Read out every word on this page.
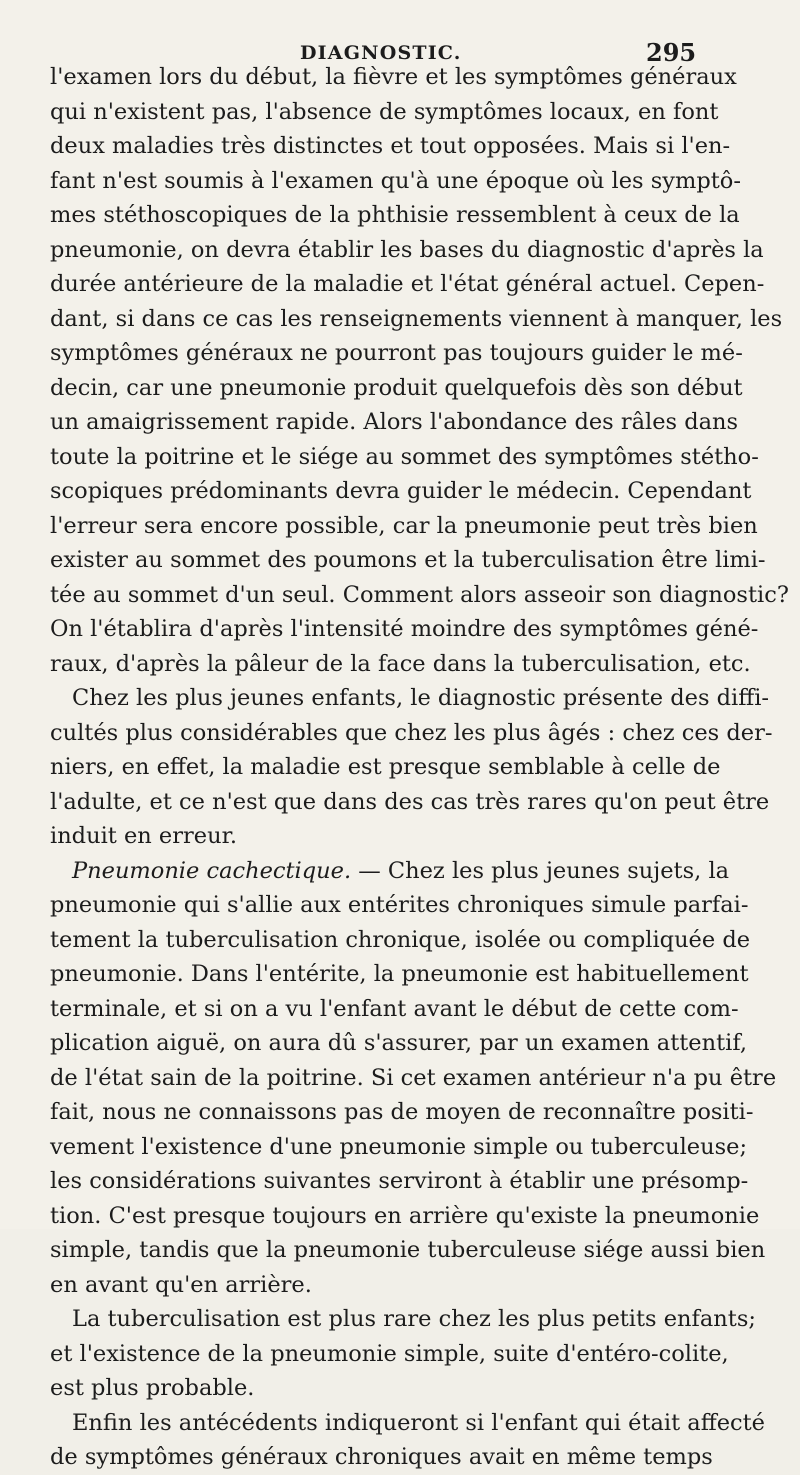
DIAGNOSTIC.	295
l'examen lors du début, la fièvre et les symptômes généraux
qui n'existent pas, l'absence de symptômes locaux, en font
deux maladies très distinctes et tout opposées. Mais si l'en-
fant n'est soumis à l'examen qu'à une époque où les symptô-
mes stéthoscopiques de la phthisie ressemblent à ceux de la
pneumonie, on devra établir les bases du diagnostic d'après la
durée antérieure de la maladie et l'état général actuel. Cepen-
dant, si dans ce cas les renseignements viennent à manquer, les
symptômes généraux ne pourront pas toujours guider le mé-
decin, car une pneumonie produit quelquefois dès son début
un amaigrissement rapide. Alors l'abondance des râles dans
toute la poitrine et le siége au sommet des symptômes stétho-
scopiques prédominants devra guider le médecin. Cependant
l'erreur sera encore possible, car la pneumonie peut très bien
exister au sommet des poumons et la tuberculisation être limi-
tée au sommet d'un seul. Comment alors asseoir son diagnostic?
On l'établira d'après l'intensité moindre des symptômes géné-
raux, d'après la pâleur de la face dans la tuberculisation, etc.
Chez les plus jeunes enfants, le diagnostic présente des diffi-
cultés plus considérables que chez les plus âgés : chez ces der-
niers, en effet, la maladie est presque semblable à celle de
l'adulte, et ce n'est que dans des cas très rares qu'on peut être
induit en erreur.
Pneumonie cachectique. — Chez les plus jeunes sujets, la
pneumonie qui s'allie aux entérites chroniques simule parfai-
tement la tuberculisation chronique, isolée ou compliquée de
pneumonie. Dans l'entérite, la pneumonie est habituellement
terminale, et si on a vu l'enfant avant le début de cette com-
plication aiguë, on aura dû s'assurer, par un examen attentif,
de l'état sain de la poitrine. Si cet examen antérieur n'a pu être
fait, nous ne connaissons pas de moyen de reconnaître positi-
vement l'existence d'une pneumonie simple ou tuberculeuse;
les considérations suivantes serviront à établir une présomp-
tion. C'est presque toujours en arrière qu'existe la pneumonie
simple, tandis que la pneumonie tuberculeuse siége aussi bien
en avant qu'en arrière.
La tuberculisation est plus rare chez les plus petits enfants;
et l'existence de la pneumonie simple, suite d'entéro-colite,
est plus probable.
Enfin les antécédents indiqueront si l'enfant qui était affecté
de symptômes généraux chroniques avait en même temps
